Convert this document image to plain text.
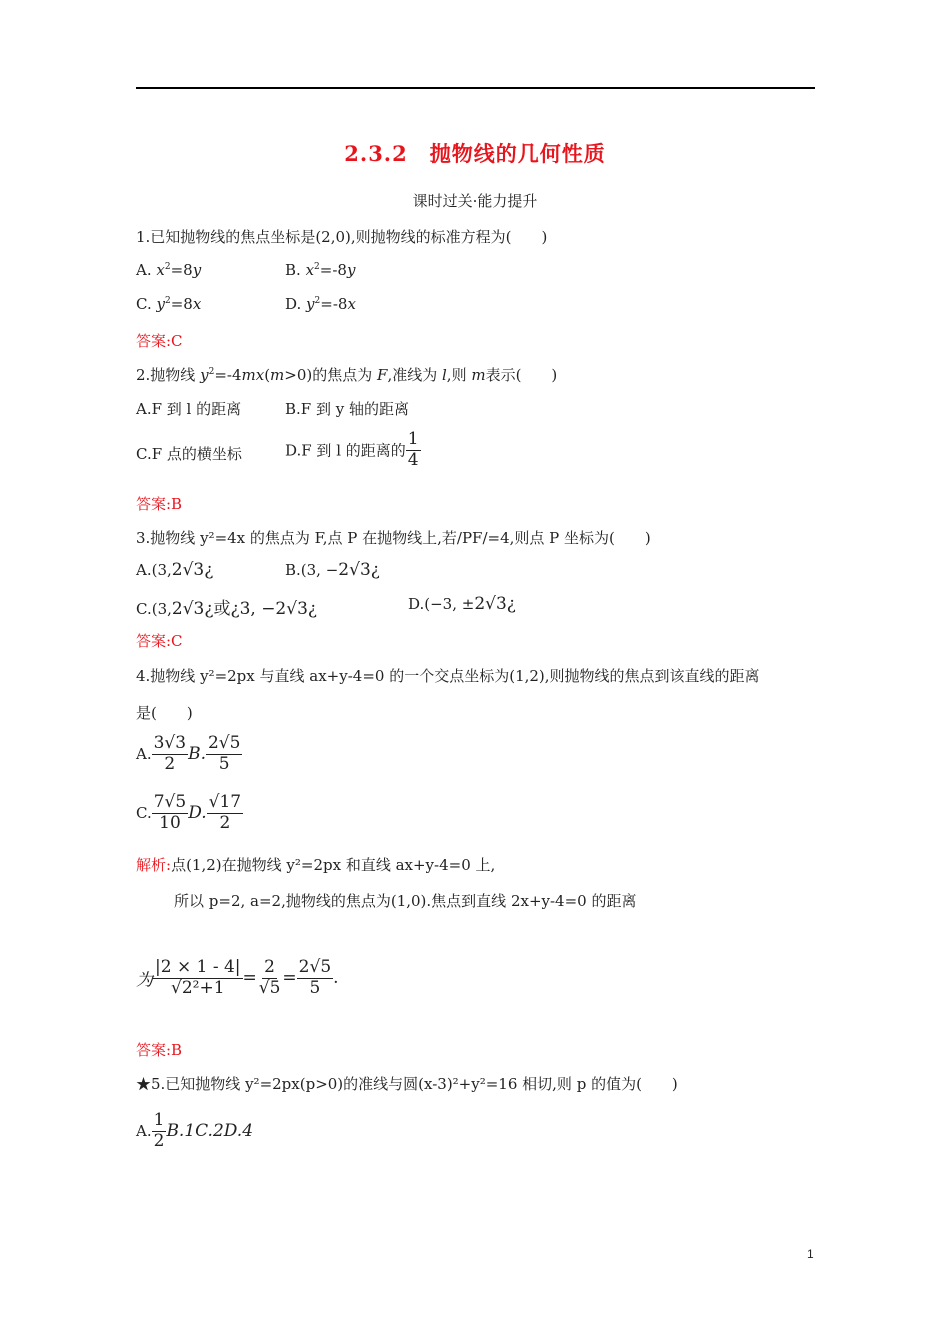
2.3.2　抛物线的几何性质
课时过关·能力提升
1.已知抛物线的焦点坐标是(2,0),则抛物线的标准方程为(　　)
A. $x^2=8y$	B. $x^2=-8y$
C. $y^2=8x$	D. $y^2=-8x$
答案:C
2.抛物线 $y^2=-4mx(m>0)$的焦点为 F,准线为 l,则 m表示(　　)
A.F 到 l 的距离	B.F 到 y 轴的距离
C.F 点的横坐标	D.F 到 l 的距离的 $\frac{1}{4}$
答案:B
3.抛物线 y²=4x 的焦点为 F,点 P 在抛物线上,若/PF/=4,则点 P 坐标为(　　)
A.(3,2√3¿	B.(3, −2√3¿
C.(3,2√3¿或¿3, −2√3¿	D.(−3, ±2√3¿
答案:C
4.抛物线 y²=2px 与直线 ax+y-4=0 的一个交点坐标为(1,2),则抛物线的焦点到该直线的距离
是(　　)
A. $\frac{3√3}{2} B$. $\frac{2√5}{5}$
C. $\frac{7√5}{10} D$. $\frac{√17}{2}$
解析:点(1,2)在抛物线 y²=2px 和直线 ax+y-4=0 上,
所以 p=2, a=2,抛物线的焦点为(1,0).焦点到直线 2x+y-4=0 的距离
为 $\frac{|2 \times 1 - 4|}{\text{√2²+1}} = \frac{2}{√5} = \frac{2√5}{5}$ .
答案:B
★5.已知抛物线 y²=2px(p>0)的准线与圆(x-3)²+y²=16 相切,则 p 的值为(　　)
A. $\frac{1}{2} B.1C.2D.4$
1
